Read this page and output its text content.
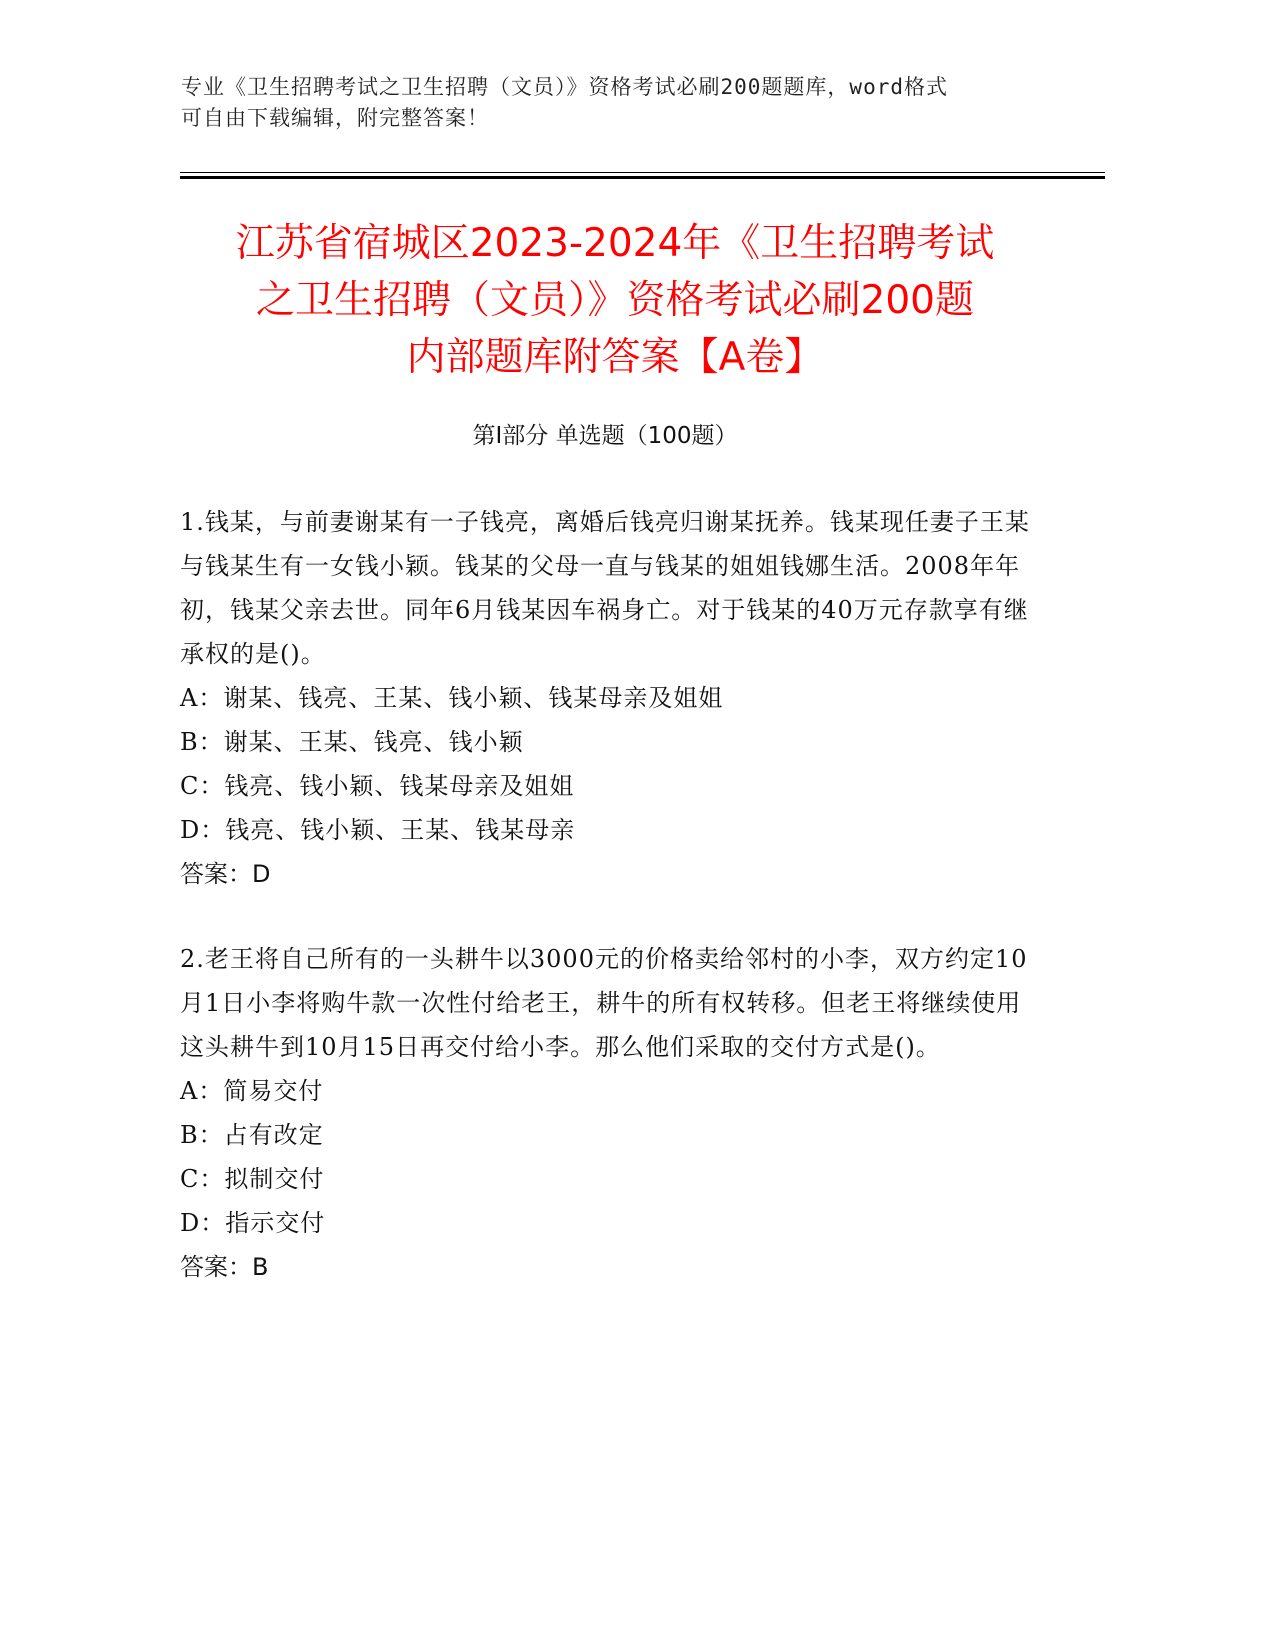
专业《卫生招聘考试之卫生招聘（文员）》资格考试必刷200题题库，word格式
可自由下载编辑，附完整答案！
江苏省宿城区2023-2024年《卫生招聘考试
之卫生招聘（文员）》资格考试必刷200题
内部题库附答案【A卷】
第Ⅰ部分 单选题（100题）

1.钱某，与前妻谢某有一子钱亮，离婚后钱亮归谢某抚养。钱某现任妻子王某与钱某生有一女钱小颖。钱某的父母一直与钱某的姐姐钱娜生活。2008年年初，钱某父亲去世。同年6月钱某因车祸身亡。对于钱某的40万元存款享有继承权的是()。

A：谢某、钱亮、王某、钱小颖、钱某母亲及姐姐

B：谢某、王某、钱亮、钱小颖

C：钱亮、钱小颖、钱某母亲及姐姐

D：钱亮、钱小颖、王某、钱某母亲

答案：D

2.老王将自己所有的一头耕牛以3000元的价格卖给邻村的小李，双方约定10月1日小李将购牛款一次性付给老王，耕牛的所有权转移。但老王将继续使用这头耕牛到10月15日再交付给小李。那么他们采取的交付方式是()。

A：简易交付

B：占有改定

C：拟制交付

D：指示交付

答案：B
